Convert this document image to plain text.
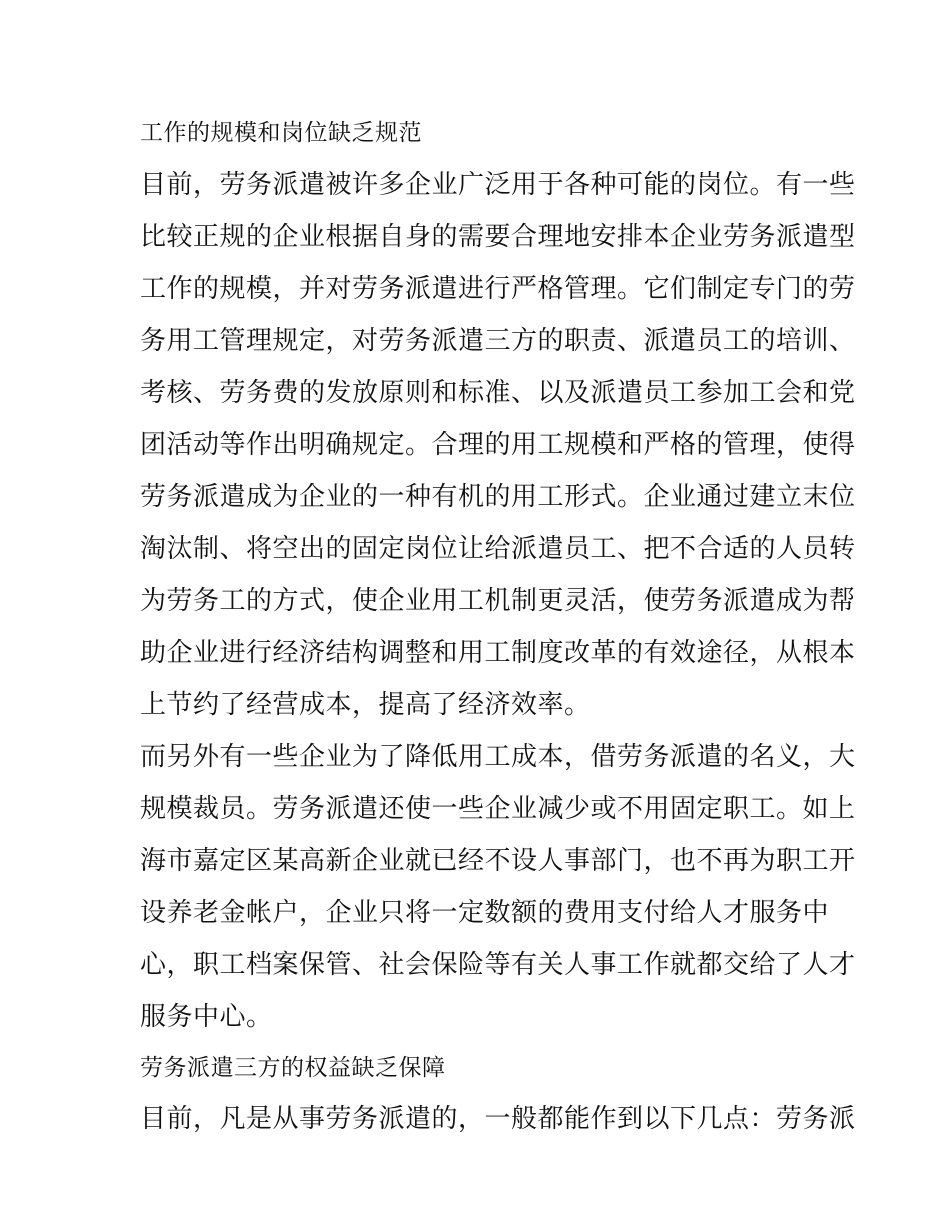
工作的规模和岗位缺乏规范
目前，劳务派遣被许多企业广泛用于各种可能的岗位。有一些
比较正规的企业根据自身的需要合理地安排本企业劳务派遣型
工作的规模，并对劳务派遣进行严格管理。它们制定专门的劳
务用工管理规定，对劳务派遣三方的职责、派遣员工的培训、
考核、劳务费的发放原则和标准、以及派遣员工参加工会和党
团活动等作出明确规定。合理的用工规模和严格的管理，使得
劳务派遣成为企业的一种有机的用工形式。企业通过建立末位
淘汰制、将空出的固定岗位让给派遣员工、把不合适的人员转
为劳务工的方式，使企业用工机制更灵活，使劳务派遣成为帮
助企业进行经济结构调整和用工制度改革的有效途径，从根本
上节约了经营成本，提高了经济效率。
而另外有一些企业为了降低用工成本，借劳务派遣的名义，大
规模裁员。劳务派遣还使一些企业减少或不用固定职工。如上
海市嘉定区某高新企业就已经不设人事部门，也不再为职工开
设养老金帐户，企业只将一定数额的费用支付给人才服务中
心，职工档案保管、社会保险等有关人事工作就都交给了人才
服务中心。
劳务派遣三方的权益缺乏保障
目前，凡是从事劳务派遣的，一般都能作到以下几点：劳务派
